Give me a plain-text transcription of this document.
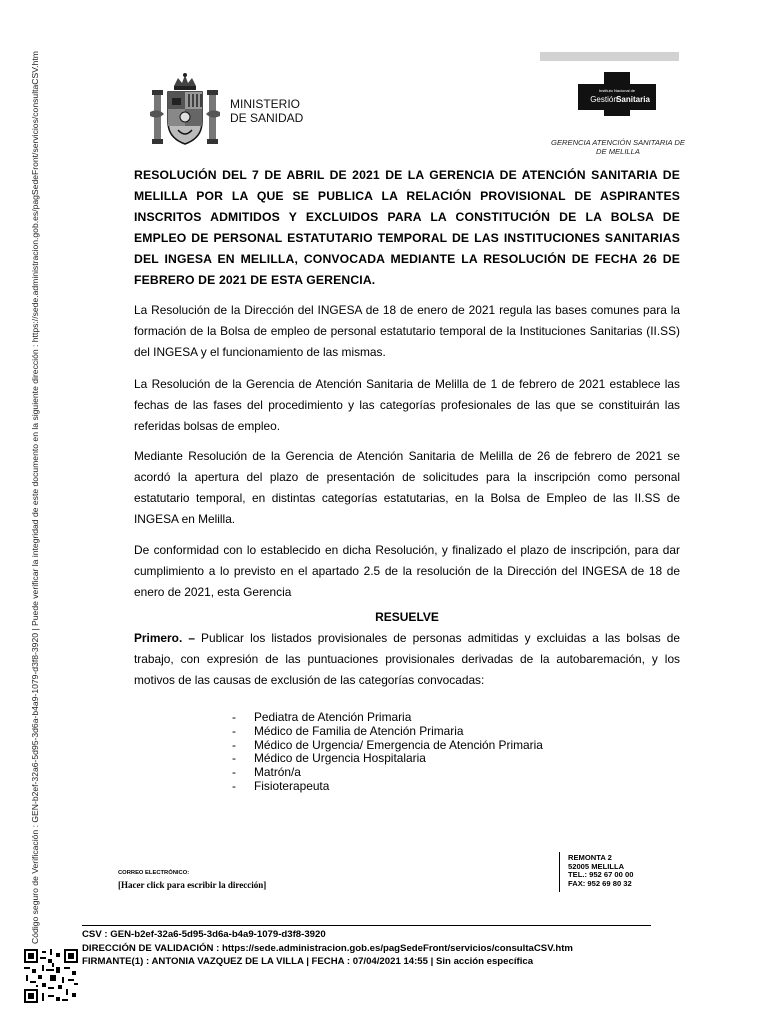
Código seguro de Verificación : GEN-b2ef-32a6-5d95-3d6a-b4a9-1079-d3f8-3920 | Puede verificar la integridad de este documento en la siguiente dirección : https://sede.administracion.gob.es/pagSedeFront/servicios/consultaCSV.htm	MINISTERIO
DE SANIDAD
Instituto Nacional de
Gestión
Sanitaria
GERENCIA ATENCIÓN SANITARIA DE
DE MELILLA
RESOLUCIÓN DEL 7 DE ABRIL DE 2021 DE LA GERENCIA DE ATENCIÓN SANITARIA DE MELILLA POR LA QUE SE PUBLICA LA RELACIÓN PROVISIONAL DE ASPIRANTES INSCRITOS ADMITIDOS Y EXCLUIDOS PARA LA CONSTITUCIÓN DE LA BOLSA DE EMPLEO DE PERSONAL ESTATUTARIO TEMPORAL DE LAS INSTITUCIONES SANITARIAS DEL INGESA EN MELILLA, CONVOCADA MEDIANTE LA RESOLUCIÓN DE FECHA 26 DE FEBRERO DE 2021 DE ESTA GERENCIA.
La Resolución de la Dirección del INGESA de 18 de enero de 2021 regula las bases comunes para la formación de la Bolsa de empleo de personal estatutario temporal de la Instituciones Sanitarias (II.SS) del INGESA y el funcionamiento de las mismas.
La Resolución de la Gerencia de Atención Sanitaria de Melilla de 1 de febrero de 2021 establece las fechas de las fases del procedimiento y las categorías profesionales de las que se constituirán las referidas bolsas de empleo.
Mediante Resolución de la Gerencia de Atención Sanitaria de Melilla de 26 de febrero de 2021 se acordó la apertura del plazo de presentación de solicitudes para la inscripción como personal estatutario temporal, en distintas categorías estatutarias, en la Bolsa de Empleo de las II.SS de INGESA en Melilla.
De conformidad con lo establecido en dicha Resolución, y finalizado el plazo de inscripción, para dar cumplimiento a lo previsto en el apartado 2.5 de la resolución de la Dirección del INGESA de 18 de enero de 2021, esta Gerencia
RESUELVE
Primero. – Publicar los listados provisionales de personas admitidas y excluidas a las bolsas de trabajo, con expresión de las puntuaciones provisionales derivadas de la autobaremación, y los motivos de las causas de exclusión de las categorías convocadas:
- Pediatra de Atención Primaria
- Médico de Familia de Atención Primaria
- Médico de Urgencia/ Emergencia de Atención Primaria
- Médico de Urgencia Hospitalaria
- Matrón/a
- Fisioterapeuta
CORREO ELECTRÓNICO:
[Hacer click para escribir la dirección]
REMONTA 2
52005 MELILLA
TEL.: 952 67 00 00
FAX: 952 69 80 32
CSV : GEN-b2ef-32a6-5d95-3d6a-b4a9-1079-d3f8-3920
DIRECCIÓN DE VALIDACIÓN : https://sede.administracion.gob.es/pagSedeFront/servicios/consultaCSV.htm
FIRMANTE(1) : ANTONIA VAZQUEZ DE LA VILLA | FECHA : 07/04/2021 14:55 | Sin acción específica
